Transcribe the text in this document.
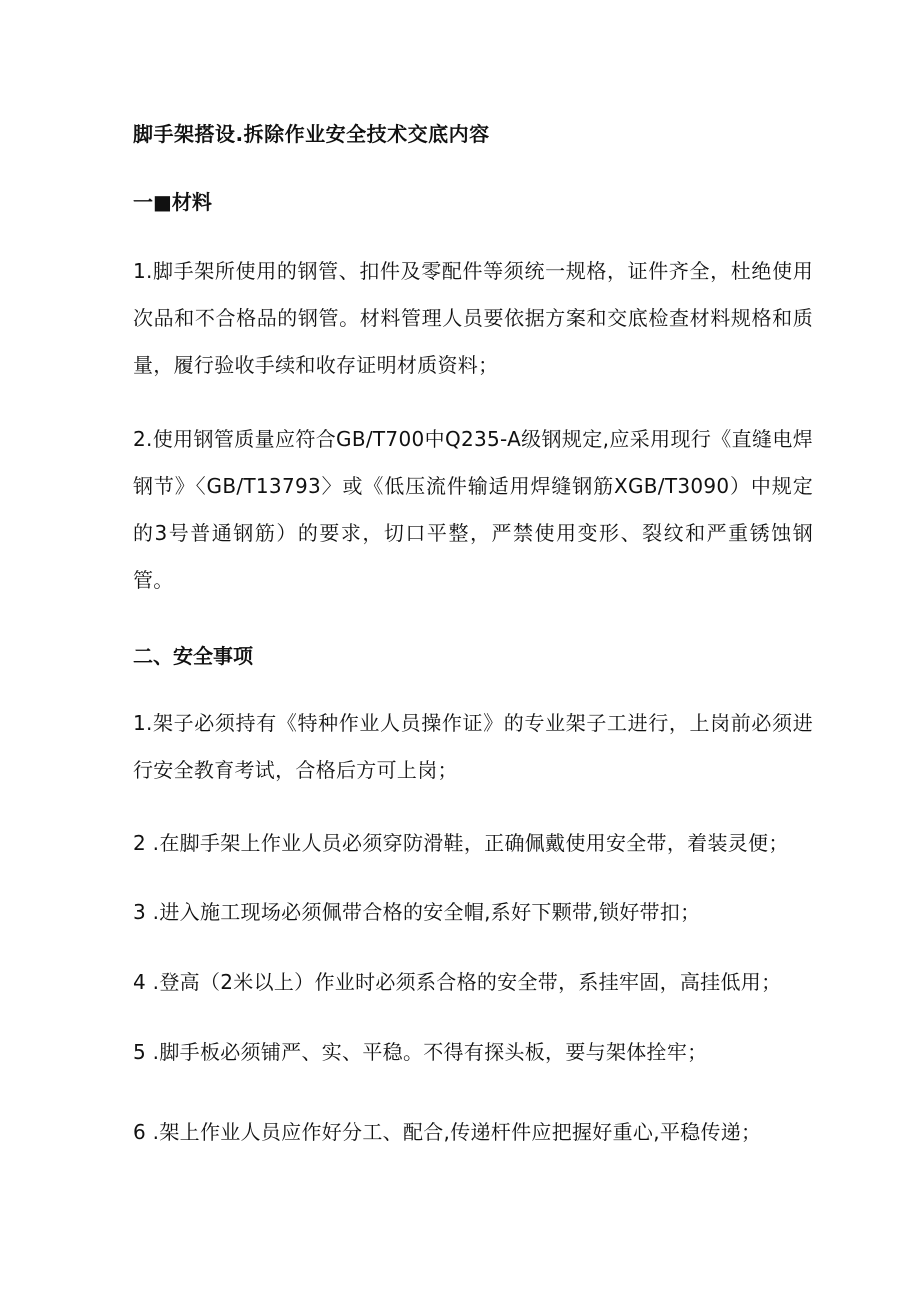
脚手架搭设.拆除作业安全技术交底内容
一■材料
1.脚手架所使用的钢管、扣件及零配件等须统一规格，证件齐全，杜绝使用次品和不合格品的钢管。材料管理人员要依据方案和交底检查材料规格和质量，履行验收手续和收存证明材质资料；
2.使用钢管质量应符合GB/T700中Q235-A级钢规定,应采用现行《直缝电焊钢节》〈GB/T13793〉或《低压流件输适用焊缝钢筋XGB/T3090）中规定的3号普通钢筋）的要求，切口平整，严禁使用变形、裂纹和严重锈蚀钢管。
二、安全事项
1.架子必须持有《特种作业人员操作证》的专业架子工进行，上岗前必须进行安全教育考试，合格后方可上岗；
2 .在脚手架上作业人员必须穿防滑鞋，正确佩戴使用安全带，着装灵便；
3 .进入施工现场必须佩带合格的安全帽,系好下颗带,锁好带扣；
4 .登高（2米以上）作业时必须系合格的安全带，系挂牢固，高挂低用；
5 .脚手板必须铺严、实、平稳。不得有探头板，要与架体拴牢；
6 .架上作业人员应作好分工、配合,传递杆件应把握好重心,平稳传递；
